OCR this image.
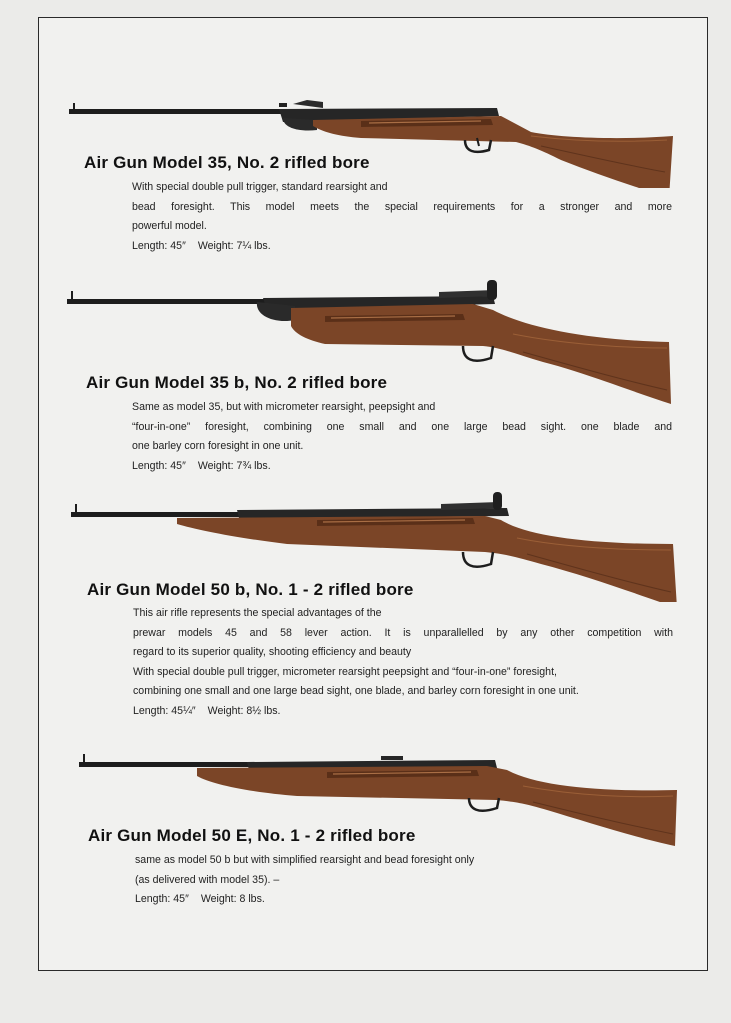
Air Gun Model 35, No. 2 rifled bore

With special double pull trigger, standard rearsight and

bead foresight. This model meets the special requirements for a stronger and more

powerful model.

Length: 45″ Weight: 7¼ lbs.

Air Gun Model 35 b, No. 2 rifled bore

Same as model 35, but with micrometer rearsight, peepsight and

“four-in-one” foresight, combining one small and one large bead sight. one blade and

one barley corn foresight in one unit.

Length: 45″ Weight: 7¾ lbs.

Air Gun Model 50 b, No. 1 - 2 rifled bore

This air rifle represents the special advantages of the

prewar models 45 and 58 lever action. It is unparallelled by any other competition with

regard to its superior quality, shooting efficiency and beauty

With special double pull trigger, micrometer rearsight peepsight and “four-in-one” foresight,

combining one small and one large bead sight, one blade, and barley corn foresight in one unit.

Length: 45¼″ Weight: 8½ lbs.

Air Gun Model 50 E, No. 1 - 2 rifled bore

same as model 50 b but with simplified rearsight and bead foresight only

(as delivered with model 35). –

Length: 45″ Weight: 8 lbs.
